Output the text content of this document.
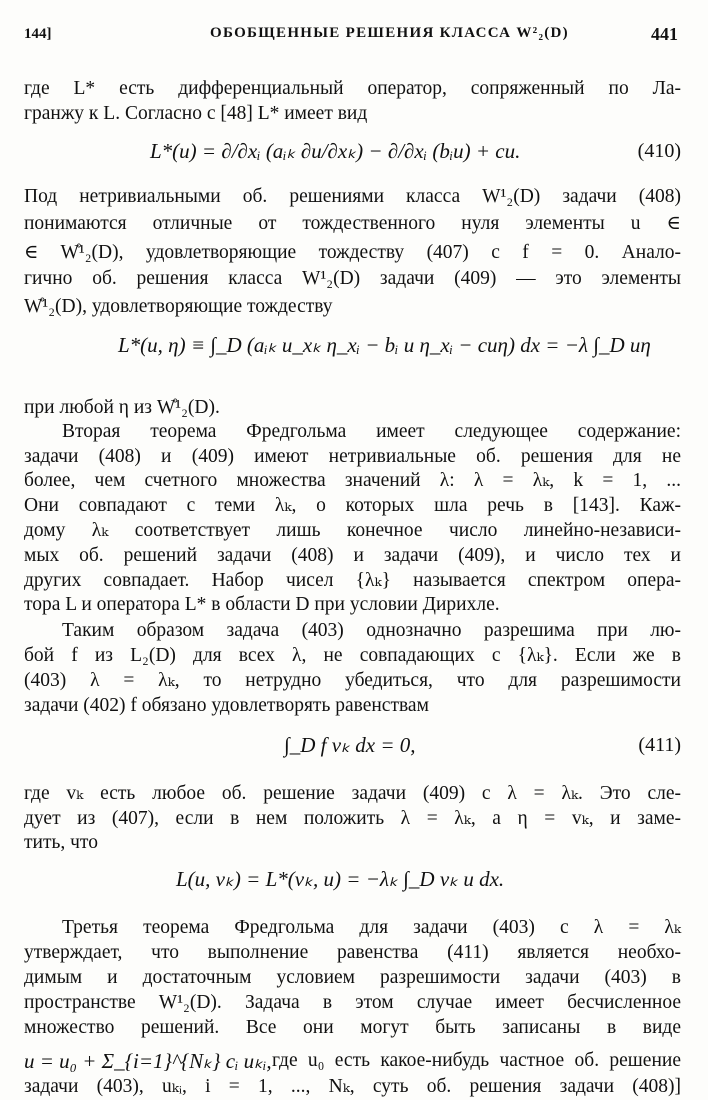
144]	ОБОБЩЕННЫЕ РЕШЕНИЯ КЛАССА W²₂(D)	441
где L* есть дифференциальный оператор, сопряженный по Ла-
гранжу к L. Согласно с [48] L* имеет вид
L*(u) = ∂/∂xᵢ (aᵢₖ ∂u/∂xₖ) − ∂/∂xᵢ (bᵢu) + cu.	(410)
Под нетривиальными об. решениями класса W¹₂(D) задачи (408)
понимаются отличные от тождественного нуля элементы u ∈
∈ W̊¹₂(D), удовлетворяющие тождеству (407) с f = 0. Анало-
гично об. решения класса W¹₂(D) задачи (409) — это элементы
W̊¹₂(D), удовлетворяющие тождеству
L*(u, η) ≡ ∫_D (aᵢₖ u_xₖ η_xᵢ − bᵢ u η_xᵢ − cuη) dx = −λ ∫_D uη
при любой η из W̊¹₂(D).
Вторая теорема Фредгольма имеет следующее содержание:
задачи (408) и (409) имеют нетривиальные об. решения для не
более, чем счетного множества значений λ: λ = λₖ, k = 1, ...
Они совпадают с теми λₖ, о которых шла речь в [143]. Каж-
дому λₖ соответствует лишь конечное число линейно-независи-
мых об. решений задачи (408) и задачи (409), и число тех и
других совпадает. Набор чисел {λₖ} называется спектром опера-
тора L и оператора L* в области D при условии Дирихле.
Таким образом задача (403) однозначно разрешима при лю-
бой f из L₂(D) для всех λ, не совпадающих с {λₖ}. Если же в
(403) λ = λₖ, то нетрудно убедиться, что для разрешимости
задачи (402) f обязано удовлетворять равенствам
∫_D f vₖ dx = 0,	(411)
где vₖ есть любое об. решение задачи (409) с λ = λₖ. Это сле-
дует из (407), если в нем положить λ = λₖ, а η = vₖ, и заме-
тить, что
L(u, vₖ) = L*(vₖ, u) = −λₖ ∫_D vₖ u dx.
Третья теорема Фредгольма для задачи (403) с λ = λₖ
утверждает, что выполнение равенства (411) является необхо-
димым и достаточным условием разрешимости задачи (403) в
пространстве W¹₂(D). Задача в этом случае имеет бесчисленное
множество решений. Все они могут быть записаны в виде
u = u₀ + Σ_{i=1}^{Nₖ} cᵢ uₖᵢ, где u₀ есть какое-нибудь частное об. решение
задачи (403), uₖᵢ, i = 1, ..., Nₖ, суть об. решения задачи (408)]
